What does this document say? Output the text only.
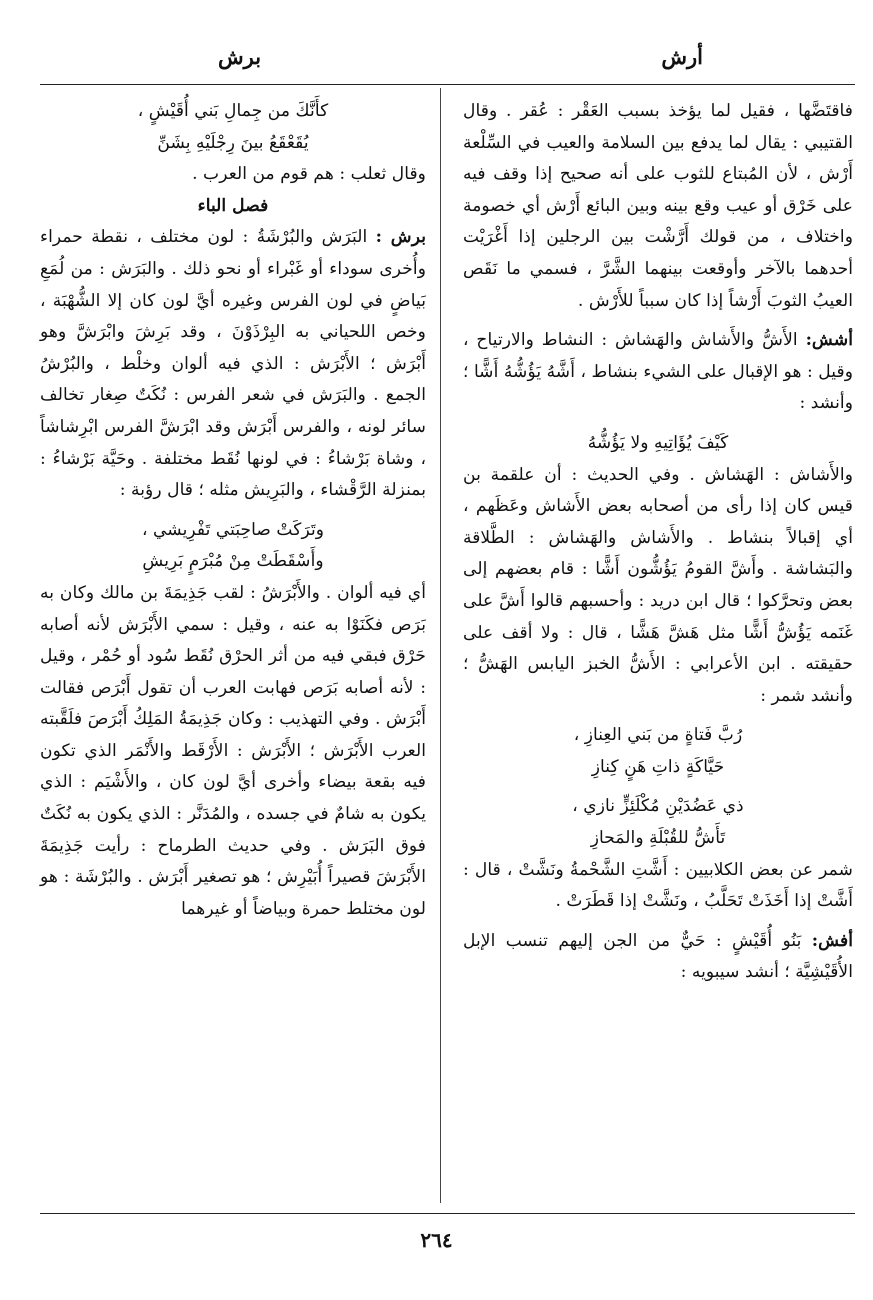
أرش
برش

فاقتَضَّها ، فقيل لما يؤخذ بسبب العَقْر : عُقر . وقال القتيبي : يقال لما يدفع بين السلامة والعيب في السِّلْعة أَرْش ، لأن المُبتاع للثوب على أنه صحيح إذا وقف فيه على خَرْق أو عيب وقع بينه وبين البائع أَرْش أي خصومة واختلاف ، من قولك أَرَّشْت بين الرجلين إذا أَغْرَيْت أحدهما بالآخر وأوقعت بينهما الشَّرَّ ، فسمي ما نَقَص العيبُ الثوبَ أَرْشاً إذا كان سبباً للأَرْش .

أشش: الأَشُّ والأَشاش والهَشاش : النشاط والارتياح ، وقيل : هو الإقبال على الشيء بنشاط ، أَشَّهُ يَؤُشُّهُ أَشًّا ؛ وأنشد :

كَيْفَ يُؤَاتِيهِ ولا يَؤُشُّهُ

والأَشاش : الهَشاش . وفي الحديث : أن علقمة بن قيس كان إذا رأى من أصحابه بعض الأَشاش وعَظَهم ، أي إقبالاً بنشاط . والأَشاش والهَشاش : الطَّلاقة والبَشاشة . وأَشَّ القومُ يَؤُشُّون أَشًّا : قام بعضهم إلى بعض وتحرَّكوا ؛ قال ابن دريد : وأحسبهم قالوا أَشَّ على غَنَمه يَؤُشُّ أَشًّا مثل هَشَّ هَشًّا ، قال : ولا أقف على حقيقته . ابن الأعرابي : الأَشُّ الخبز اليابس الهَشُّ ؛ وأنشد شمر :

رُبَّ فَتاةٍ من بَني العِنازِ ،

حَيَّاكَةٍ ذاتِ هَنٍ كِنازِ

ذي عَضُدَيْنِ مُكْلَئِزٍّ نازي ،

تَأَشُّ للقُبْلَةِ والمَحازِ

شمر عن بعض الكلابيين : أَشَّتِ الشَّحْمةُ ونَشَّتْ ، قال : أَشَّتْ إذا أَخَذَتْ تَحَلَّبُ ، ونَشَّتْ إذا قَطَرَتْ .

أفش: بَنُو أُقَيْشٍ : حَيٌّ من الجن إليهم تنسب الإبل الأُقَيْشِيَّة ؛ أنشد سيبويه :

كأَنَّكَ من جِمالِ بَني أُقَيْشٍ ،

يُقَعْقَعُ بينَ رِجْلَيْهِ بِشَنِّ

وقال ثعلب : هم قوم من العرب .

فصل الباء

برش : البَرَش والبُرْشَةُ : لون مختلف ، نقطة حمراء وأُخرى سوداء أو غَبْراء أو نحو ذلك . والبَرَش : من لُمَعِ بَياضٍ في لون الفرس وغيره أيَّ لون كان إلا الشُّهْبَة ، وخص اللحياني به البِرْذَوْنَ ، وقد بَرِشَ وابْرَشَّ وهو أَبْرَش ؛ الأَبْرَش : الذي فيه ألوان وخلْط ، والبُرْشُ الجمع . والبَرَش في شعر الفرس : نُكَتٌ صِغار تخالف سائر لونه ، والفرس أَبْرَش وقد ابْرَشَّ الفرس ابْرِشاشاً ، وشاة بَرْشاءُ : في لونها نُقَط مختلفة . وحَيَّة بَرْشاءُ : بمنزلة الرَّقْشاء ، والبَرِيش مثله ؛ قال رؤبة :

وتَرَكَتْ صاحِبَتي تَفْرِيشي ،

وأَسْقَطَتْ مِنْ مُبْرَمٍ بَرِيشِ

أي فيه ألوان . والأَبْرَشُ : لقب جَذِيمَةَ بن مالك وكان به بَرَص فكَنَوْا به عنه ، وقيل : سمي الأَبْرَش لأنه أصابه حَرْق فبقي فيه من أثر الحرْق نُقَط سُود أو حُمْر ، وقيل : لأنه أصابه بَرَص فهابت العرب أن تقول أَبْرَص فقالت أَبْرَش . وفي التهذيب : وكان جَذِيمَةُ المَلِكُ أَبْرَصَ فلَقَّبته العرب الأَبْرَش ؛ الأَبْرَش : الأَرْقَط والأَنْمَر الذي تكون فيه بقعة بيضاء وأخرى أيَّ لون كان ، والأَشْيَم : الذي يكون به شامٌ في جسده ، والمُدَنَّر : الذي يكون به نُكَتٌ فوق البَرَش . وفي حديث الطرماح : رأيت جَذِيمَةَ الأَبْرَشَ قصيراً أُبَيْرِش ؛ هو تصغير أَبْرَش . والبُرْشَة : هو لون مختلط حمرة وبياضاً أو غيرهما

٢٦٤
